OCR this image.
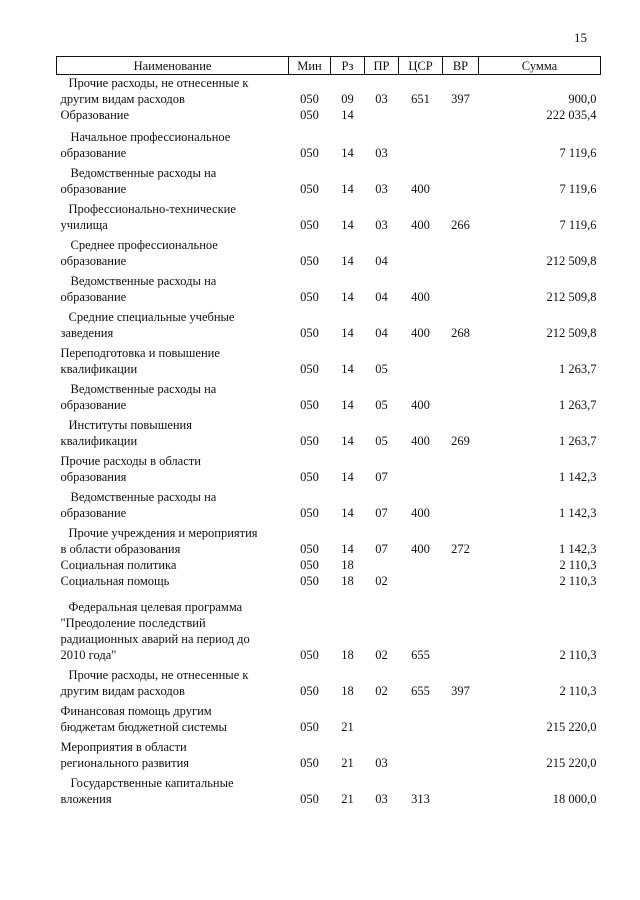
15
Наименование	Мин	Рз	ПР	ЦСР	ВР	Сумма

Прочие расходы, не отнесенные к
другим видам расходов	050	09	03	651	397	900,0

Образование	050	14				222 035,4

Начальное профессиональное
образование	050	14	03			7 119,6

Ведомственные расходы на
образование	050	14	03	400		7 119,6

Профессионально-технические
училища	050	14	03	400	266	7 119,6

Среднее профессиональное
образование	050	14	04			212 509,8

Ведомственные расходы на
образование	050	14	04	400		212 509,8

Средние специальные учебные
заведения	050	14	04	400	268	212 509,8

Переподготовка и повышение
квалификации	050	14	05			1 263,7

Ведомственные расходы на
образование	050	14	05	400		1 263,7

Институты повышения
квалификации	050	14	05	400	269	1 263,7

Прочие расходы в области
образования	050	14	07			1 142,3

Ведомственные расходы на
образование	050	14	07	400		1 142,3

Прочие учреждения и мероприятия
в области образования	050	14	07	400	272	1 142,3

Социальная политика	050	18				2 110,3

Социальная помощь	050	18	02			2 110,3

Федеральная целевая программа
"Преодоление последствий
радиационных аварий на период до
2010 года"	050	18	02	655		2 110,3

Прочие расходы, не отнесенные к
другим видам расходов	050	18	02	655	397	2 110,3

Финансовая помощь другим
бюджетам бюджетной системы	050	21				215 220,0

Мероприятия в области
регионального развития	050	21	03			215 220,0

Государственные капитальные
вложения	050	21	03	313		18 000,0
